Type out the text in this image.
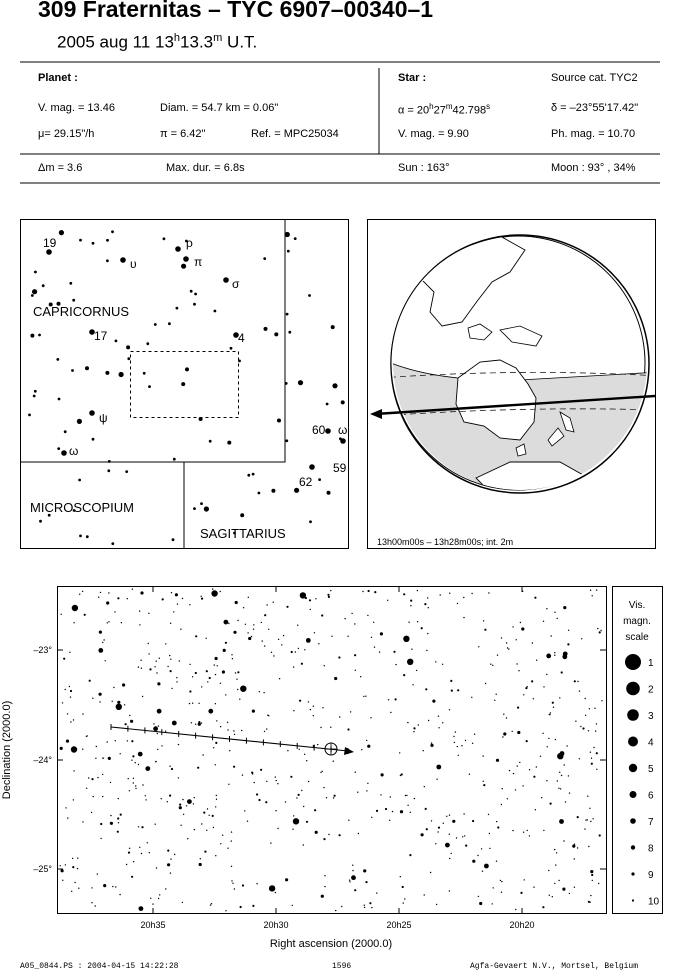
309 Fraternitas – TYC 6907–00340–1
2005 aug 11 13$^h$13.3$^m$ U.T.
Planet :
V. mag. = 13.46	Diam. = 54.7 km = 0.06"
μ= 29.15"/h	π = 6.42"	Ref. = MPC25034
Star :	Source cat. TYC2
$\alpha = 20^h27^m42.798^s$	δ = –23°55'17.42"
V. mag. = 9.90	Ph. mag. = 10.70
Δm = 3.6	Max. dur. = 6.8s	Sun : 163°	Moon : 93° , 34%
CAPRICORNUS
MICROSCOPIUM
SAGITTARIUS
19	ρ
π
υ
σ
17	4
ψ
ω
60 ω
59
62
13h00m00s – 13h28m00s; int. 2m
–23°
–24°
–25°
20h35	20h30	20h25	20h20
Right ascension (2000.0)
Declination (2000.0)
Vis.
magn.
scale
1
2
3
4
5
6
7
8
9
10
A05_0844.PS : 2004-04-15 14:22:28	1596	Agfa-Gevaert N.V., Mortsel, Belgium
